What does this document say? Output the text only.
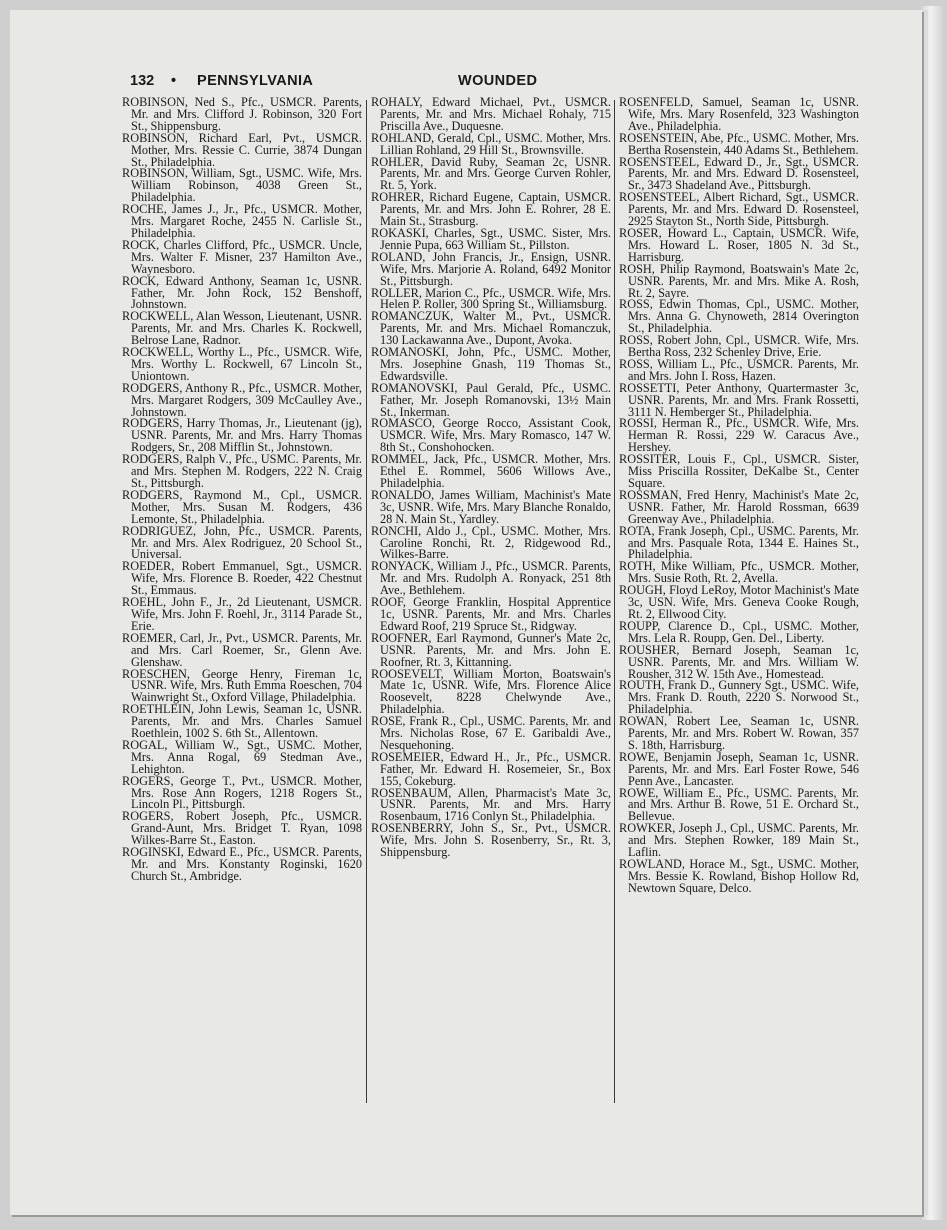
132 • PENNSYLVANIA	WOUNDED

ROBINSON, Ned S., Pfc., USMCR. Parents, Mr. and Mrs. Clifford J. Robinson, 320 Fort St., Shippensburg.

ROBINSON, Richard Earl, Pvt., USMCR. Mother, Mrs. Ressie C. Currie, 3874 Dungan St., Philadelphia.

ROBINSON, William, Sgt., USMC. Wife, Mrs. William Robinson, 4038 Green St., Philadelphia.

ROCHE, James J., Jr., Pfc., USMCR. Mother, Mrs. Margaret Roche, 2455 N. Carlisle St., Philadelphia.

ROCK, Charles Clifford, Pfc., USMCR. Uncle, Mrs. Walter F. Misner, 237 Hamilton Ave., Waynesboro.

ROCK, Edward Anthony, Seaman 1c, USNR. Father, Mr. John Rock, 152 Benshoff, Johnstown.

ROCKWELL, Alan Wesson, Lieutenant, USNR. Parents, Mr. and Mrs. Charles K. Rockwell, Belrose Lane, Radnor.

ROCKWELL, Worthy L., Pfc., USMCR. Wife, Mrs. Worthy L. Rockwell, 67 Lincoln St., Uniontown.

RODGERS, Anthony R., Pfc., USMCR. Mother, Mrs. Margaret Rodgers, 309 McCaulley Ave., Johnstown.

RODGERS, Harry Thomas, Jr., Lieutenant (jg), USNR. Parents, Mr. and Mrs. Harry Thomas Rodgers, Sr., 208 Mifflin St., Johnstown.

RODGERS, Ralph V., Pfc., USMC. Parents, Mr. and Mrs. Stephen M. Rodgers, 222 N. Craig St., Pittsburgh.

RODGERS, Raymond M., Cpl., USMCR. Mother, Mrs. Susan M. Rodgers, 436 Lemonte, St., Philadelphia.

RODRIGUEZ, John, Pfc., USMCR. Parents, Mr. and Mrs. Alex Rodriguez, 20 School St., Universal.

ROEDER, Robert Emmanuel, Sgt., USMCR. Wife, Mrs. Florence B. Roeder, 422 Chestnut St., Emmaus.

ROEHL, John F., Jr., 2d Lieutenant, USMCR. Wife, Mrs. John F. Roehl, Jr., 3114 Parade St., Erie.

ROEMER, Carl, Jr., Pvt., USMCR. Parents, Mr. and Mrs. Carl Roemer, Sr., Glenn Ave. Glenshaw.

ROESCHEN, George Henry, Fireman 1c, USNR. Wife, Mrs. Ruth Emma Roeschen, 704 Wainwright St., Oxford Village, Philadelphia.

ROETHLEIN, John Lewis, Seaman 1c, USNR. Parents, Mr. and Mrs. Charles Samuel Roethlein, 1002 S. 6th St., Allentown.

ROGAL, William W., Sgt., USMC. Mother, Mrs. Anna Rogal, 69 Stedman Ave., Lehighton.

ROGERS, George T., Pvt., USMCR. Mother, Mrs. Rose Ann Rogers, 1218 Rogers St., Lincoln Pl., Pittsburgh.

ROGERS, Robert Joseph, Pfc., USMCR. Grand-Aunt, Mrs. Bridget T. Ryan, 1098 Wilkes-Barre St., Easton.

ROGINSKI, Edward E., Pfc., USMCR. Parents, Mr. and Mrs. Konstanty Roginski, 1620 Church St., Ambridge.

ROHALY, Edward Michael, Pvt., USMCR. Parents, Mr. and Mrs. Michael Rohaly, 715 Priscilla Ave., Duquesne.

ROHLAND, Gerald, Cpl., USMC. Mother, Mrs. Lillian Rohland, 29 Hill St., Brownsville.

ROHLER, David Ruby, Seaman 2c, USNR. Parents, Mr. and Mrs. George Curven Rohler, Rt. 5, York.

ROHRER, Richard Eugene, Captain, USMCR. Parents, Mr. and Mrs. John E. Rohrer, 28 E. Main St., Strasburg.

ROKASKI, Charles, Sgt., USMC. Sister, Mrs. Jennie Pupa, 663 William St., Pillston.

ROLAND, John Francis, Jr., Ensign, USNR. Wife, Mrs. Marjorie A. Roland, 6492 Monitor St., Pittsburgh.

ROLLER, Marion C., Pfc., USMCR. Wife, Mrs. Helen P. Roller, 300 Spring St., Williamsburg.

ROMANCZUK, Walter M., Pvt., USMCR. Parents, Mr. and Mrs. Michael Romanczuk, 130 Lackawanna Ave., Dupont, Avoka.

ROMANOSKI, John, Pfc., USMC. Mother, Mrs. Josephine Gnash, 119 Thomas St., Edwardsville.

ROMANOVSKI, Paul Gerald, Pfc., USMC. Father, Mr. Joseph Romanovski, 13½ Main St., Inkerman.

ROMASCO, George Rocco, Assistant Cook, USMCR. Wife, Mrs. Mary Romasco, 147 W. 8th St., Conshohocken.

ROMMEL, Jack, Pfc., USMCR. Mother, Mrs. Ethel E. Rommel, 5606 Willows Ave., Philadelphia.

RONALDO, James William, Machinist's Mate 3c, USNR. Wife, Mrs. Mary Blanche Ronaldo, 28 N. Main St., Yardley.

RONCHI, Aldo J., Cpl., USMC. Mother, Mrs. Caroline Ronchi, Rt. 2, Ridgewood Rd., Wilkes-Barre.

RONYACK, William J., Pfc., USMCR. Parents, Mr. and Mrs. Rudolph A. Ronyack, 251 8th Ave., Bethlehem.

ROOF, George Franklin, Hospital Apprentice 1c, USNR. Parents, Mr. and Mrs. Charles Edward Roof, 219 Spruce St., Ridgway.

ROOFNER, Earl Raymond, Gunner's Mate 2c, USNR. Parents, Mr. and Mrs. John E. Roofner, Rt. 3, Kittanning.

ROOSEVELT, William Morton, Boatswain's Mate 1c, USNR. Wife, Mrs. Florence Alice Roosevelt, 8228 Chelwynde Ave., Philadelphia.

ROSE, Frank R., Cpl., USMC. Parents, Mr. and Mrs. Nicholas Rose, 67 E. Garibaldi Ave., Nesquehoning.

ROSEMEIER, Edward H., Jr., Pfc., USMCR. Father, Mr. Edward H. Rosemeier, Sr., Box 155, Cokeburg.

ROSENBAUM, Allen, Pharmacist's Mate 3c, USNR. Parents, Mr. and Mrs. Harry Rosenbaum, 1716 Conlyn St., Philadelphia.

ROSENBERRY, John S., Sr., Pvt., USMCR. Wife, Mrs. John S. Rosenberry, Sr., Rt. 3, Shippensburg.

ROSENFELD, Samuel, Seaman 1c, USNR. Wife, Mrs. Mary Rosenfeld, 323 Washington Ave., Philadelphia.

ROSENSTEIN, Abe, Pfc., USMC. Mother, Mrs. Bertha Rosenstein, 440 Adams St., Bethlehem.

ROSENSTEEL, Edward D., Jr., Sgt., USMCR. Parents, Mr. and Mrs. Edward D. Rosensteel, Sr., 3473 Shadeland Ave., Pittsburgh.

ROSENSTEEL, Albert Richard, Sgt., USMCR. Parents, Mr. and Mrs. Edward D. Rosensteel, 2925 Stayton St., North Side, Pittsburgh.

ROSER, Howard L., Captain, USMCR. Wife, Mrs. Howard L. Roser, 1805 N. 3d St., Harrisburg.

ROSH, Philip Raymond, Boatswain's Mate 2c, USNR. Parents, Mr. and Mrs. Mike A. Rosh, Rt. 2, Sayre.

ROSS, Edwin Thomas, Cpl., USMC. Mother, Mrs. Anna G. Chynoweth, 2814 Overington St., Philadelphia.

ROSS, Robert John, Cpl., USMCR. Wife, Mrs. Bertha Ross, 232 Schenley Drive, Erie.

ROSS, William L., Pfc., USMCR. Parents, Mr. and Mrs. John I. Ross, Hazen.

ROSSETTI, Peter Anthony, Quartermaster 3c, USNR. Parents, Mr. and Mrs. Frank Rossetti, 3111 N. Hemberger St., Philadelphia.

ROSSI, Herman R., Pfc., USMCR. Wife, Mrs. Herman R. Rossi, 229 W. Caracus Ave., Hershey.

ROSSITER, Louis F., Cpl., USMCR. Sister, Miss Priscilla Rossiter, DeKalbe St., Center Square.

ROSSMAN, Fred Henry, Machinist's Mate 2c, USNR. Father, Mr. Harold Rossman, 6639 Greenway Ave., Philadelphia.

ROTA, Frank Joseph, Cpl., USMC. Parents, Mr. and Mrs. Pasquale Rota, 1344 E. Haines St., Philadelphia.

ROTH, Mike William, Pfc., USMCR. Mother, Mrs. Susie Roth, Rt. 2, Avella.

ROUGH, Floyd LeRoy, Motor Machinist's Mate 3c, USN. Wife, Mrs. Geneva Cooke Rough, Rt. 2, Ellwood City.

ROUPP, Clarence D., Cpl., USMC. Mother, Mrs. Lela R. Roupp, Gen. Del., Liberty.

ROUSHER, Bernard Joseph, Seaman 1c, USNR. Parents, Mr. and Mrs. William W. Rousher, 312 W. 15th Ave., Homestead.

ROUTH, Frank D., Gunnery Sgt., USMC. Wife, Mrs. Frank D. Routh, 2220 S. Norwood St., Philadelphia.

ROWAN, Robert Lee, Seaman 1c, USNR. Parents, Mr. and Mrs. Robert W. Rowan, 357 S. 18th, Harrisburg.

ROWE, Benjamin Joseph, Seaman 1c, USNR. Parents, Mr. and Mrs. Earl Foster Rowe, 546 Penn Ave., Lancaster.

ROWE, William E., Pfc., USMC. Parents, Mr. and Mrs. Arthur B. Rowe, 51 E. Orchard St., Bellevue.

ROWKER, Joseph J., Cpl., USMC. Parents, Mr. and Mrs. Stephen Rowker, 189 Main St., Laflin.

ROWLAND, Horace M., Sgt., USMC. Mother, Mrs. Bessie K. Rowland, Bishop Hollow Rd, Newtown Square, Delco.
